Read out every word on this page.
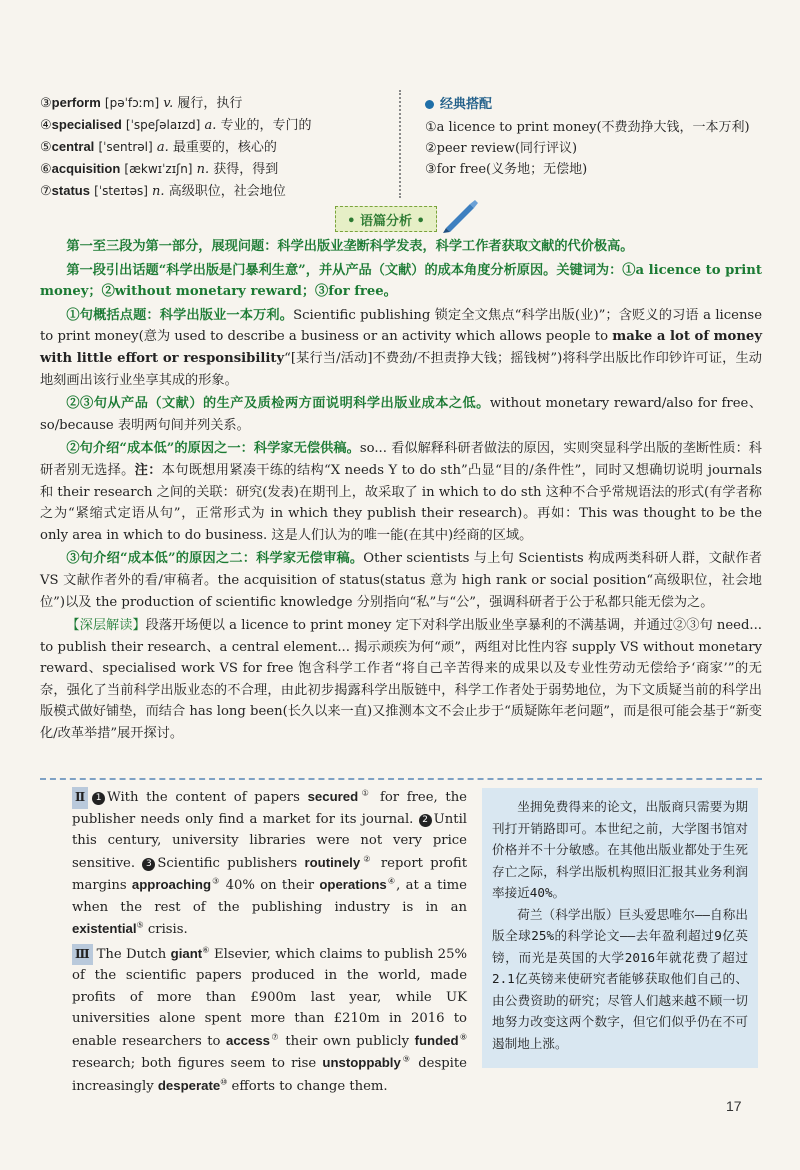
③perform [pəˈfɔːm] v. 履行，执行
④specialised [ˈspeʃəlaɪzd] a. 专业的，专门的
⑤central [ˈsentrəl] a. 最重要的，核心的
⑥acquisition [ækwɪˈzɪʃn] n. 获得，得到
⑦status [ˈsteɪtəs] n. 高级职位，社会地位
经典搭配
①a licence to print money(不费劲挣大钱，一本万利)
②peer review(同行评议)
③for free(义务地；无偿地)
• 语篇分析 •

第一至三段为第一部分，展现问题：科学出版业垄断科学发表，科学工作者获取文献的代价极高。

第一段引出话题“科学出版是门暴利生意”，并从产品（文献）的成本角度分析原因。关键词为：①a licence to print money；②without monetary reward；③for free。

①句概括点题：科学出版业一本万利。Scientific publishing 锁定全文焦点“科学出版(业)”；含贬义的习语 a license to print money(意为 used to describe a business or an activity which allows people to make a lot of money with little effort or responsibility“[某行当/活动]不费劲/不担责挣大钱；摇钱树”)将科学出版比作印钞许可证，生动地刻画出该行业坐享其成的形象。

②③句从产品（文献）的生产及质检两方面说明科学出版业成本之低。without monetary reward/also for free、so/because 表明两句间并列关系。

②句介绍“成本低”的原因之一：科学家无偿供稿。so... 看似解释科研者做法的原因，实则突显科学出版的垄断性质：科研者别无选择。注：本句既想用紧凑干练的结构“X needs Y to do sth”凸显“目的/条件性”，同时又想确切说明 journals 和 their research 之间的关联：研究(发表)在期刊上，故采取了 in which to do sth 这种不合乎常规语法的形式(有学者称之为“紧缩式定语从句”，正常形式为 in which they publish their research)。再如：This was thought to be the only area in which to do business. 这是人们认为的唯一能(在其中)经商的区域。

③句介绍“成本低”的原因之二：科学家无偿审稿。Other scientists 与上句 Scientists 构成两类科研人群，文献作者 VS 文献作者外的看/审稿者。the acquisition of status(status 意为 high rank or social position“高级职位，社会地位”)以及 the production of scientific knowledge 分别指向“私”与“公”，强调科研者于公于私都只能无偿为之。

【深层解读】段落开场便以 a licence to print money 定下对科学出版业坐享暴利的不满基调，并通过②③句 need... to publish their research、a central element... 揭示顽疾为何“顽”，两组对比性内容 supply VS without monetary reward、specialised work VS for free 饱含科学工作者“将自己辛苦得来的成果以及专业性劳动无偿给予‘商家’”的无奈，强化了当前科学出版业态的不合理，由此初步揭露科学出版链中，科学工作者处于弱势地位，为下文质疑当前的科学出版模式做好铺垫，而结合 has long been(长久以来一直)又推测本文不会止步于“质疑陈年老问题”，而是很可能会基于“新变化/改革举措”展开探讨。

Ⅱ 1 With the content of papers secured① for free, the publisher needs only find a market for its journal. 2 Until this century, university libraries were not very price sensitive. 3 Scientific publishers routinely② report profit margins approaching③ 40% on their operations④, at a time when the rest of the publishing industry is in an existential⑤ crisis.

Ⅲ The Dutch giant⑥ Elsevier, which claims to publish 25% of the scientific papers produced in the world, made profits of more than £900m last year, while UK universities alone spent more than £210m in 2016 to enable researchers to access⑦ their own publicly funded⑧ research; both figures seem to rise unstoppably⑨ despite increasingly desperate⑩ efforts to change them.

坐拥免费得来的论文，出版商只需要为期刊打开销路即可。本世纪之前，大学图书馆对价格并不十分敏感。在其他出版业都处于生死存亡之际，科学出版机构照旧汇报其业务利润率接近40%。

荷兰（科学出版）巨头爱思唯尔——自称出版全球25%的科学论文——去年盈利超过9亿英镑，而光是英国的大学2016年就花费了超过2.1亿英镑来使研究者能够获取他们自己的、由公费资助的研究；尽管人们越来越不顾一切地努力改变这两个数字，但它们似乎仍在不可遏制地上涨。

17
